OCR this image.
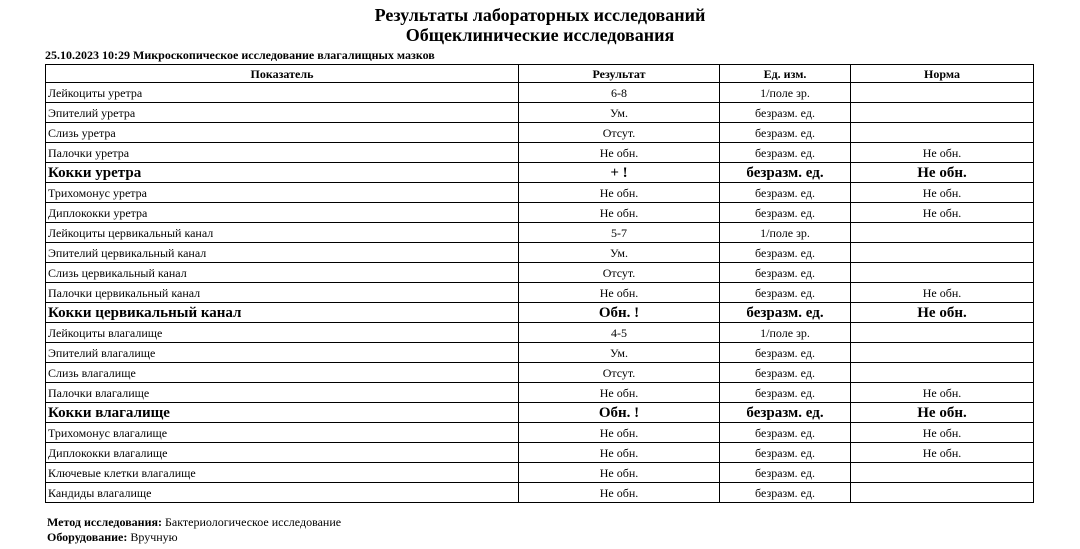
Результаты лабораторных исследований
Общеклинические исследования
25.10.2023 10:29 Микроскопическое исследование влагалищных мазков
Показатель	Результат	Ед. изм.	Норма
Лейкоциты уретра	6-8	1/поле зр.	
Эпителий уретра	Ум.	безразм. ед.	
Слизь уретра	Отсут.	безразм. ед.	
Палочки уретра	Не обн.	безразм. ед.	Не обн.
Кокки уретра	+ !	безразм. ед.	Не обн.
Трихомонус уретра	Не обн.	безразм. ед.	Не обн.
Диплококки уретра	Не обн.	безразм. ед.	Не обн.
Лейкоциты цервикальный канал	5-7	1/поле зр.	
Эпителий цервикальный канал	Ум.	безразм. ед.	
Слизь цервикальный канал	Отсут.	безразм. ед.	
Палочки цервикальный канал	Не обн.	безразм. ед.	Не обн.
Кокки цервикальный канал	Обн. !	безразм. ед.	Не обн.
Лейкоциты влагалище	4-5	1/поле зр.	
Эпителий влагалище	Ум.	безразм. ед.	
Слизь влагалище	Отсут.	безразм. ед.	
Палочки влагалище	Не обн.	безразм. ед.	Не обн.
Кокки влагалище	Обн. !	безразм. ед.	Не обн.
Трихомонус влагалище	Не обн.	безразм. ед.	Не обн.
Диплококки влагалище	Не обн.	безразм. ед.	Не обн.
Ключевые клетки влагалище	Не обн.	безразм. ед.	
Кандиды влагалище	Не обн.	безразм. ед.	
Метод исследования: Бактериологическое исследование
Оборудование: Вручную
